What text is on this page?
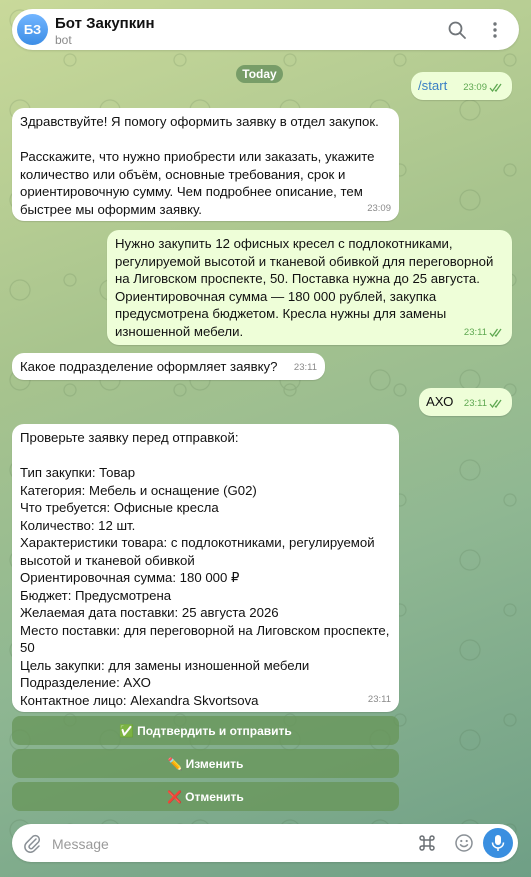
БЗ Бот Закупкин
bot
Today
/start 23:09
Здравствуйте! Я помогу оформить заявку в отдел закупок.

Расскажите, что нужно приобрести или заказать, укажите количество или объём, основные требования, срок и ориентировочную сумму. Чем подробнее описание, тем быстрее мы оформим заявку.	23:09
Нужно закупить 12 офисных кресел с подлокотниками, регулируемой высотой и тканевой обивкой для переговорной на Лиговском проспекте, 50. Поставка нужна до 25 августа. Ориентировочная сумма — 180 000 рублей, закупка предусмотрена бюджетом. Кресла нужны для замены изношенной мебели.	23:11
Какое подразделение оформляет заявку? 23:11
АХО 23:11
Проверьте заявку перед отправкой:

Тип закупки: Товар
Категория: Мебель и оснащение (G02)
Что требуется: Офисные кресла
Количество: 12 шт.
Характеристики товара: с подлокотниками, регулируемой высотой и тканевой обивкой
Ориентировочная сумма: 180 000 ₽
Бюджет: Предусмотрена
Желаемая дата поставки: 25 августа 2026
Место поставки: для переговорной на Лиговском проспекте, 50
Цель закупки: для замены изношенной мебели
Подразделение: АХО
Контактное лицо: Alexandra Skvortsova	23:11
✅ Подтвердить и отправить
✏️ Изменить
❌ Отменить
Message
